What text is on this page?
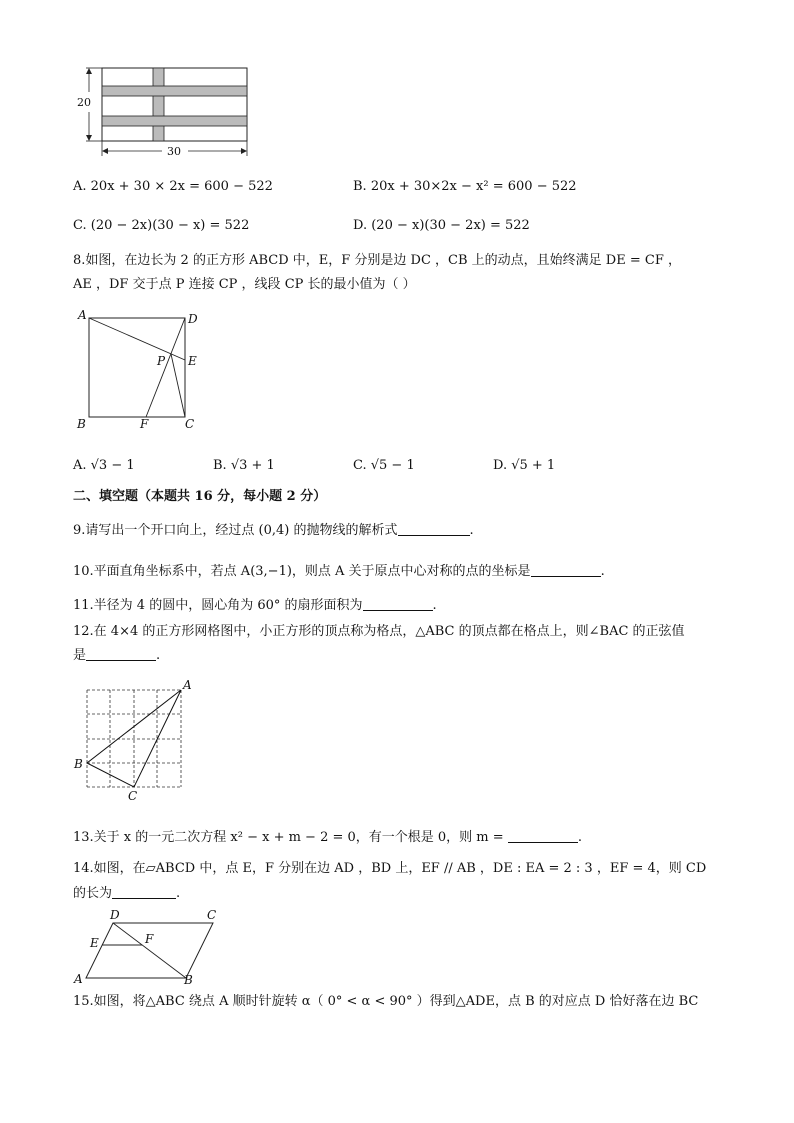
20
30
A. 20x + 30 × 2x = 600 − 522	B. 20x + 30×2x − x² = 600 − 522
C. (20 − 2x)(30 − x) = 522	D. (20 − x)(30 − 2x) = 522
8.如图，在边长为 2 的正方形 ABCD 中，E，F 分别是边 DC ，CB 上的动点，且始终满足 DE = CF ，
AE ，DF 交于点 P 连接 CP ，线段 CP 长的最小值为（ ）
A	D
P E
B	F	C
A. √3 − 1	B. √3 + 1	C. √5 − 1	D. √5 + 1
二、填空题（本题共 16 分，每小题 2 分）
9.请写出一个开口向上，经过点 (0,4) 的抛物线的解析式	.
10.平面直角坐标系中，若点 A(3,−1)，则点 A 关于原点中心对称的点的坐标是	.
11.半径为 4 的圆中，圆心角为 60° 的扇形面积为	.
12.在 4×4 的正方形网格图中，小正方形的顶点称为格点，△ABC 的顶点都在格点上，则∠BAC 的正弦值
是	.
A
B
C
13.关于 x 的一元二次方程 x² − x + m − 2 = 0，有一个根是 0，则 m =	.
14.如图，在▱ABCD 中，点 E，F 分别在边 AD ，BD 上，EF // AB ，DE : EA = 2 : 3 ，EF = 4，则 CD
的长为	.
D	C
E	F
A	B
15.如图，将△ABC 绕点 A 顺时针旋转 α（ 0° < α < 90° ）得到△ADE，点 B 的对应点 D 恰好落在边 BC
